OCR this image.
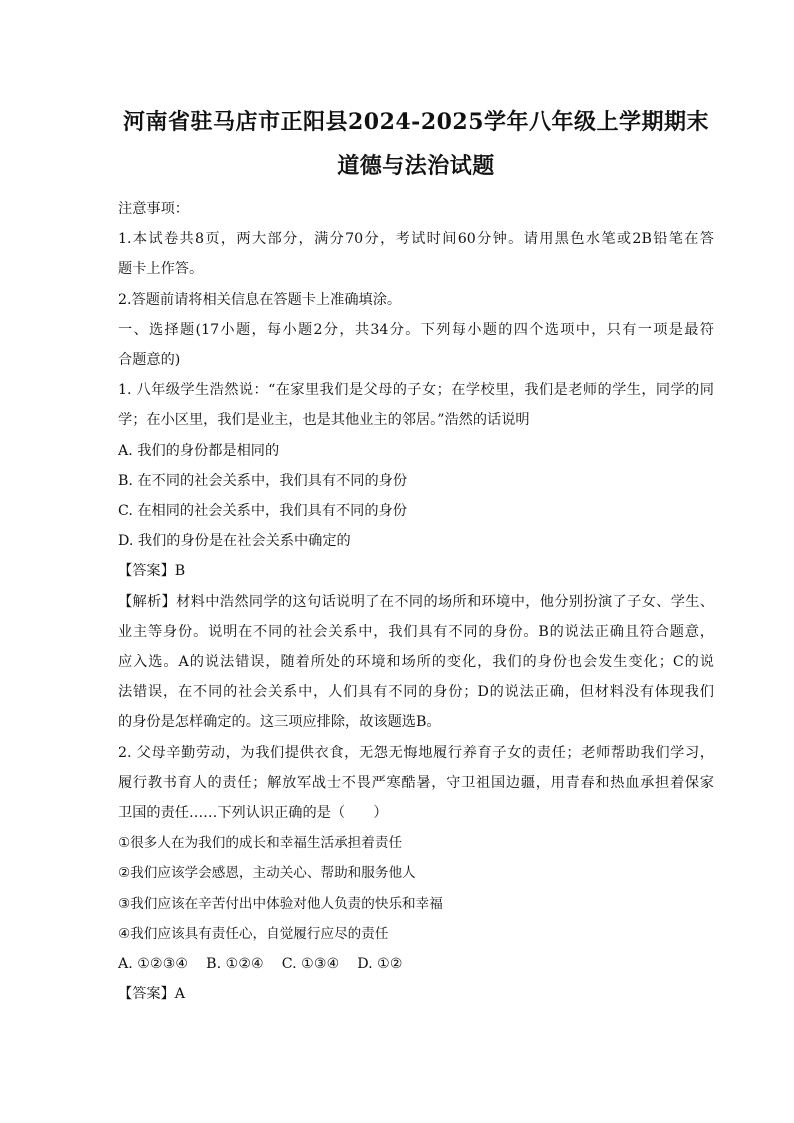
河南省驻马店市正阳县2024-2025学年八年级上学期期末

道德与法治试题

注意事项：

1.本试卷共8页，两大部分，满分70分，考试时间60分钟。请用黑色水笔或2B铅笔在答

题卡上作答。

2.答题前请将相关信息在答题卡上准确填涂。

一、选择题(17小题，每小题2分，共34分。下列每小题的四个选项中，只有一项是最符

合题意的)

1. 八年级学生浩然说：“在家里我们是父母的子女；在学校里，我们是老师的学生，同学的同

学；在小区里，我们是业主，也是其他业主的邻居。”浩然的话说明

A. 我们的身份都是相同的

B. 在不同的社会关系中，我们具有不同的身份

C. 在相同的社会关系中，我们具有不同的身份

D. 我们的身份是在社会关系中确定的

【答案】B

【解析】材料中浩然同学的这句话说明了在不同的场所和环境中，他分别扮演了子女、学生、

业主等身份。说明在不同的社会关系中，我们具有不同的身份。B的说法正确且符合题意，

应入选。A的说法错误，随着所处的环境和场所的变化，我们的身份也会发生变化；C的说

法错误，在不同的社会关系中，人们具有不同的身份；D的说法正确，但材料没有体现我们

的身份是怎样确定的。这三项应排除，故该题选B。

2. 父母辛勤劳动，为我们提供衣食，无怨无悔地履行养育子女的责任；老师帮助我们学习，

履行教书育人的责任；解放军战士不畏严寒酷暑，守卫祖国边疆，用青春和热血承担着保家

卫国的责任……下列认识正确的是（　　）

①很多人在为我们的成长和幸福生活承担着责任

②我们应该学会感恩，主动关心、帮助和服务他人

③我们应该在辛苦付出中体验对他人负责的快乐和幸福

④我们应该具有责任心，自觉履行应尽的责任

A. ①②③④ B. ①②④ C. ①③④ D. ①②

【答案】A
